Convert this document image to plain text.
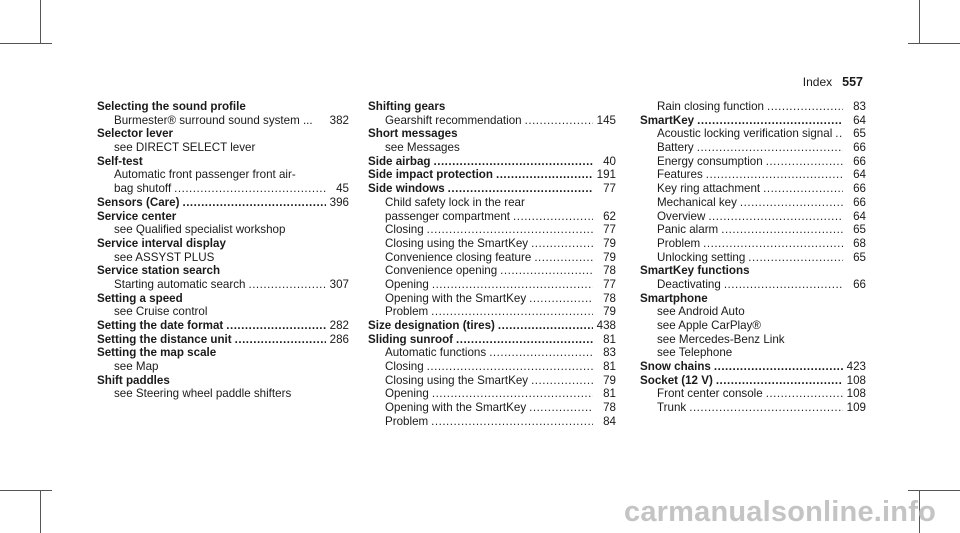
Index 557
Selecting the sound profile
Burmester® surround sound system ... 382
Selector lever
see DIRECT SELECT lever
Self-test
Automatic front passenger front air-
bag shutoff .....	45
Sensors (Care) .....	396
Service center
see Qualified specialist workshop
Service interval display
see ASSYST PLUS
Service station search
Starting automatic search .....	307
Setting a speed
see Cruise control
Setting the date format .....	282
Setting the distance unit .....	286
Setting the map scale
see Map
Shift paddles
see Steering wheel paddle shifters
Shifting gears
Gearshift recommendation .....	145
Short messages
see Messages
Side airbag .....	40
Side impact protection .....	191
Side windows .....	77
Child safety lock in the rear
passenger compartment .....	62
Closing .....	77
Closing using the SmartKey .....	79
Convenience closing feature .....	79
Convenience opening .....	78
Opening .....	77
Opening with the SmartKey .....	78
Problem .....	79
Size designation (tires) .....	438
Sliding sunroof .....	81
Automatic functions .....	83
Closing .....	81
Closing using the SmartKey .....	79
Opening .....	81
Opening with the SmartKey .....	78
Problem .....	84
Rain closing function .....	83
SmartKey .....	64
Acoustic locking verification signal .....	65
Battery .....	66
Energy consumption .....	66
Features .....	64
Key ring attachment .....	66
Mechanical key .....	66
Overview .....	64
Panic alarm .....	65
Problem .....	68
Unlocking setting .....	65
SmartKey functions
Deactivating .....	66
Smartphone
see Android Auto
see Apple CarPlay®
see Mercedes-Benz Link
see Telephone
Snow chains .....	423
Socket (12 V) .....	108
Front center console .....	108
Trunk .....	109
carmanualsonline.info
